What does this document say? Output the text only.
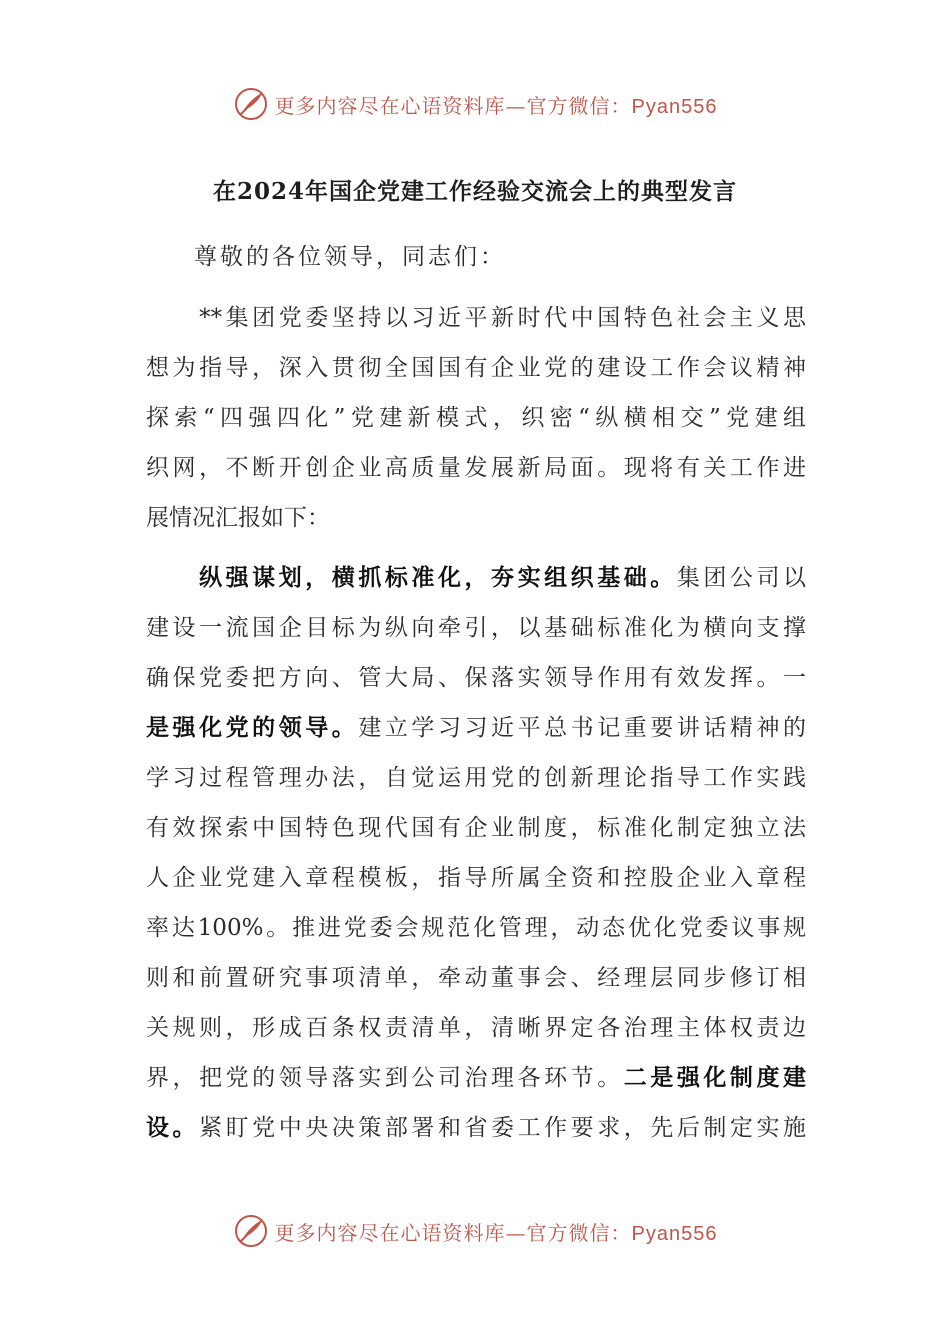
更多内容尽在心语资料库—官方微信：Pyan556
在2024年国企党建工作经验交流会上的典型发言
尊敬的各位领导，同志们：
　　**集团党委坚持以习近平新时代中国特色社会主义思
想为指导，深入贯彻全国国有企业党的建设工作会议精神
探索“四强四化”党建新模式，织密“纵横相交”党建组
织网，不断开创企业高质量发展新局面。现将有关工作进
展情况汇报如下：
　　纵强谋划，横抓标准化，夯实组织基础。集团公司以
建设一流国企目标为纵向牵引，以基础标准化为横向支撑
确保党委把方向、管大局、保落实领导作用有效发挥。一
是强化党的领导。建立学习习近平总书记重要讲话精神的
学习过程管理办法，自觉运用党的创新理论指导工作实践
有效探索中国特色现代国有企业制度，标准化制定独立法
人企业党建入章程模板，指导所属全资和控股企业入章程
率达100%。推进党委会规范化管理，动态优化党委议事规
则和前置研究事项清单，牵动董事会、经理层同步修订相
关规则，形成百条权责清单，清晰界定各治理主体权责边
界，把党的领导落实到公司治理各环节。二是强化制度建
设。紧盯党中央决策部署和省委工作要求，先后制定实施
更多内容尽在心语资料库—官方微信：Pyan556
